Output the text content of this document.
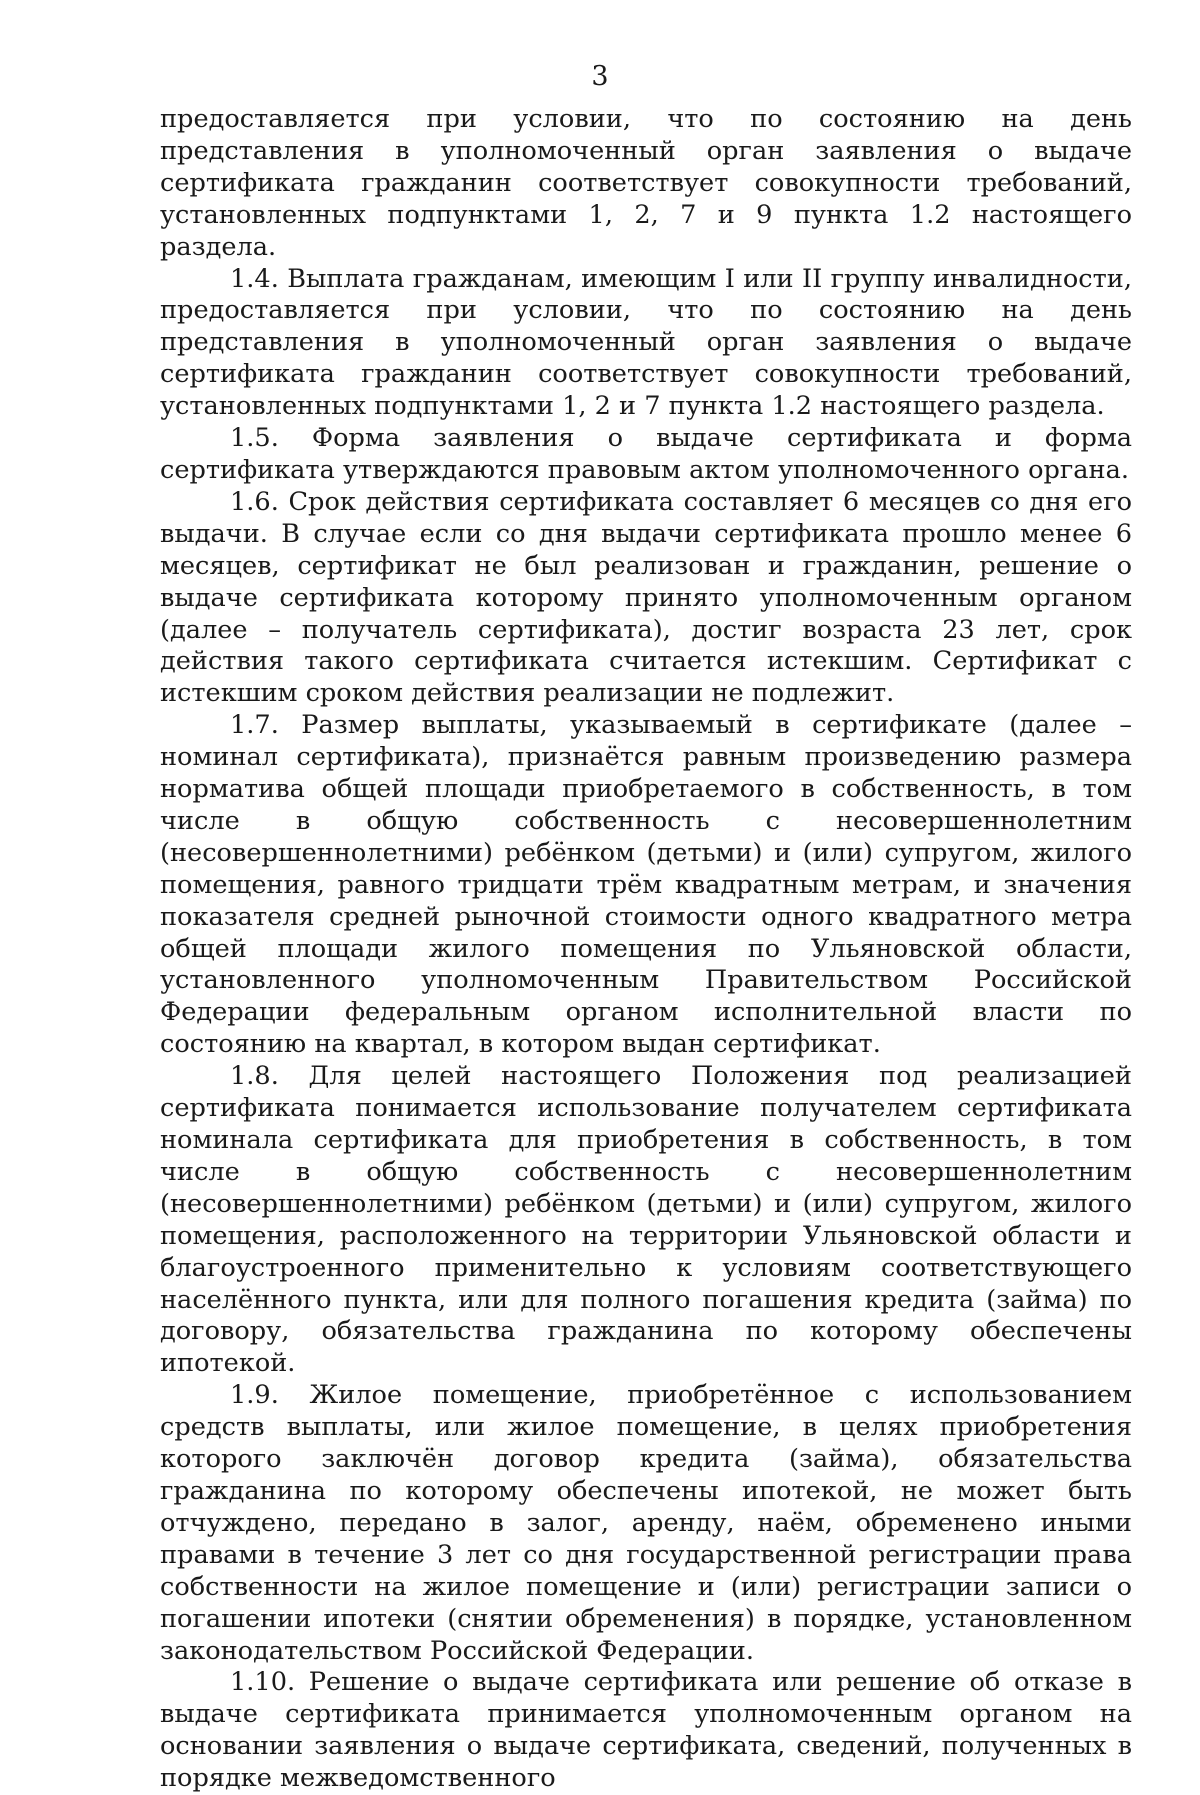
3

предоставляется при условии, что по состоянию на день представления в уполномоченный орган заявления о выдаче сертификата гражданин соответствует совокупности требований, установленных подпунктами 1, 2, 7 и 9 пункта 1.2 настоящего раздела.

1.4. Выплата гражданам, имеющим I или II группу инвалидности, предоставляется при условии, что по состоянию на день представления в уполномоченный орган заявления о выдаче сертификата гражданин соответствует совокупности требований, установленных подпунктами 1, 2 и 7 пункта 1.2 настоящего раздела.

1.5. Форма заявления о выдаче сертификата и форма сертификата утверждаются правовым актом уполномоченного органа.

1.6. Срок действия сертификата составляет 6 месяцев со дня его выдачи. В случае если со дня выдачи сертификата прошло менее 6 месяцев, сертификат не был реализован и гражданин, решение о выдаче сертификата которому принято уполномоченным органом (далее – получатель сертификата), достиг возраста 23 лет, срок действия такого сертификата считается истекшим. Сертификат с истекшим сроком действия реализации не подлежит.

1.7. Размер выплаты, указываемый в сертификате (далее – номинал сертификата), признаётся равным произведению размера норматива общей площади приобретаемого в собственность, в том числе в общую собственность с несовершеннолетним (несовершеннолетними) ребёнком (детьми) и (или) супругом, жилого помещения, равного тридцати трём квадратным метрам, и значения показателя средней рыночной стоимости одного квадратного метра общей площади жилого помещения по Ульяновской области, установленного уполномоченным Правительством Российской Федерации федеральным органом исполнительной власти по состоянию на квартал, в котором выдан сертификат.

1.8. Для целей настоящего Положения под реализацией сертификата понимается использование получателем сертификата номинала сертификата для приобретения в собственность, в том числе в общую собственность с несовершеннолетним (несовершеннолетними) ребёнком (детьми) и (или) супругом, жилого помещения, расположенного на территории Ульяновской области и благоустроенного применительно к условиям соответствующего населённого пункта, или для полного погашения кредита (займа) по договору, обязательства гражданина по которому обеспечены ипотекой.

1.9. Жилое помещение, приобретённое с использованием средств выплаты, или жилое помещение, в целях приобретения которого заключён договор кредита (займа), обязательства гражданина по которому обеспечены ипотекой, не может быть отчуждено, передано в залог, аренду, наём, обременено иными правами в течение 3 лет со дня государственной регистрации права собственности на жилое помещение и (или) регистрации записи о погашении ипотеки (снятии обременения) в порядке, установленном законодательством Российской Федерации.

1.10. Решение о выдаче сертификата или решение об отказе в выдаче сертификата принимается уполномоченным органом на основании заявления о выдаче сертификата, сведений, полученных в порядке межведомственного
